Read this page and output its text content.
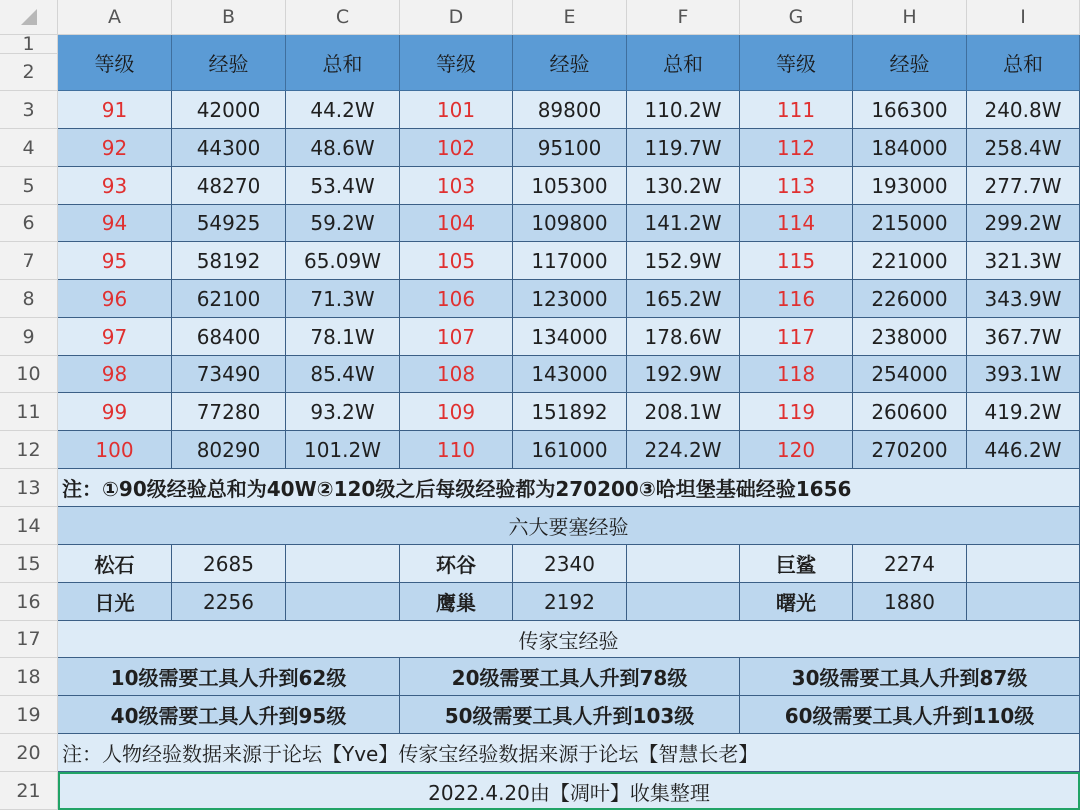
A	B	C	D	E	F	G	H	I
1
2
3
4
5
6
7
8
9
10
11
12
13
14
15
16
17
18
19
20
21
等级	经验	总和	等级	经验	总和	等级	经验	总和
91	42000	44.2W	101	89800	110.2W	111	166300	240.8W
92	44300	48.6W	102	95100	119.7W	112	184000	258.4W
93	48270	53.4W	103	105300	130.2W	113	193000	277.7W
94	54925	59.2W	104	109800	141.2W	114	215000	299.2W
95	58192	65.09W	105	117000	152.9W	115	221000	321.3W
96	62100	71.3W	106	123000	165.2W	116	226000	343.9W
97	68400	78.1W	107	134000	178.6W	117	238000	367.7W
98	73490	85.4W	108	143000	192.9W	118	254000	393.1W
99	77280	93.2W	109	151892	208.1W	119	260600	419.2W
100	80290	101.2W	110	161000	224.2W	120	270200	446.2W
注：①90级经验总和为40W②120级之后每级经验都为270200③哈坦堡基础经验1656
六大要塞经验
松石	2685	环谷	2340	巨鲨	2274
日光	2256	鹰巢	2192	曙光	1880
传家宝经验
10级需要工具人升到62级	20级需要工具人升到78级	30级需要工具人升到87级
40级需要工具人升到95级	50级需要工具人升到103级	60级需要工具人升到110级
注：人物经验数据来源于论坛【Yve】传家宝经验数据来源于论坛【智慧长老】
2022.4.20由【凋叶】收集整理
